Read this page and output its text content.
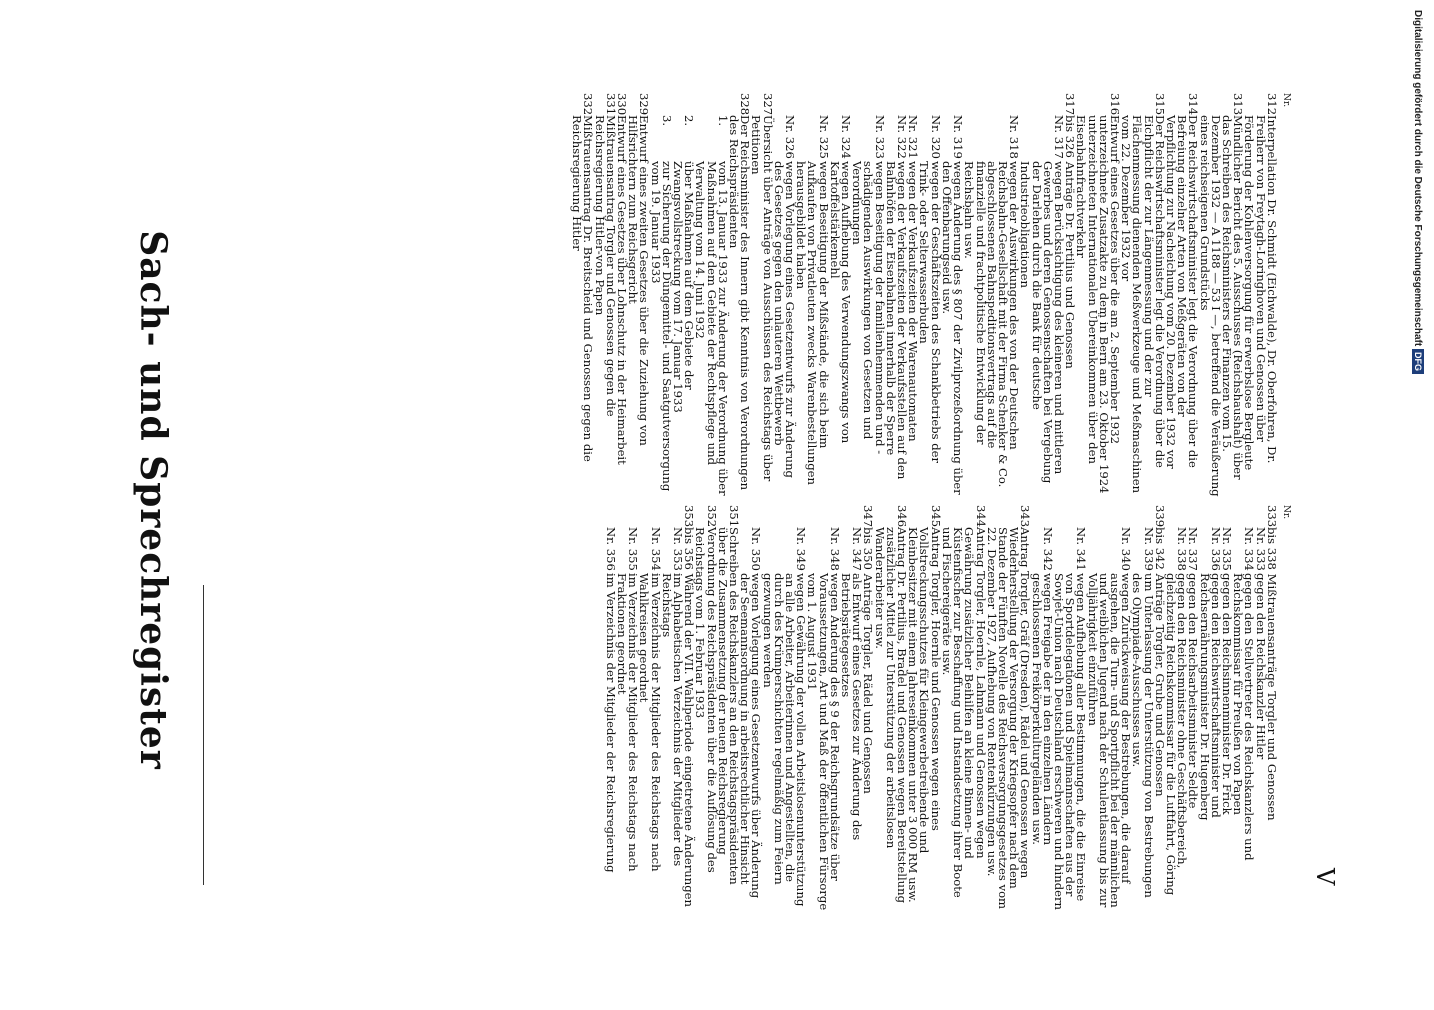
V
Nr.
312
Interpellation Dr. Schmidt (Eichwalde), Dr. Oberfohren, Dr. Freiherr von Freytagh-Loringhoven und Genossen über Förderung der Kohlenversorgung für erwerbslose Bergleute
313
Mündlicher Bericht des 5. Ausschusses (Reichshaushalt) über das Schreiben des Reichsministers der Finanzen vom 15. Dezember 1932 — A 1188 — 53 I —, betreffend die Veräußerung eines reichseigenen Grundstücks
314
Der Reichswirtschaftsminister legt die Verordnung über die Befreiung einzelner Arten von Meßgeräten von der Verpflichtung zur Nacheichung vom 20. Dezember 1932 vor
315
Der Reichswirtschaftsminister legt die Verordnung über die Eichpflicht der zur Längenmessung und der zur Flächenmessung dienenden Meßwerkzeuge und Meßmaschinen vom 22. Dezember 1932 vor
316
Entwurf eines Gesetzes über die am 2. September 1932 unterzeichnete Zusatzakte zu dem in Bern am 23. Oktober 1924 unterzeichneten Internationalen Übereinkommen über den Eisenbahnfrachtverkehr
317
bis 326 Anträge Dr. Pertilius und Genossen
Nr. 317
wegen Berücksichtigung des kleineren und mittleren Gewerbes und deren Genossenschaften bei Vergebung der Darlehen durch die Bank für deutsche Industrieobligationen
Nr. 318
wegen der Auswirkungen des von der Deutschen Reichsbahn-Gesellschaft mit der Firma Schenker & Co. abgeschlossenen Bahnspeditionsvertrags auf die finanzielle und frachtpolitische Entwicklung der Reichsbahn usw.
Nr. 319
wegen Änderung des § 807 der Zivilprozeßordnung über den Offenbarungseid usw.
Nr. 320
wegen der Geschäftszeiten des Schankbetriebs der Trink- oder Selterwasserbuden
Nr. 321
wegen der Verkaufszeiten der Warenautomaten
Nr. 322
wegen der Verkaufszeiten der Verkaufsstellen auf den Bahnhöfen der Eisenbahnen innerhalb der Sperre
Nr. 323
wegen Beseitigung der familienhemmenden und -schädigenden Auswirkungen von Gesetzen und Verordnungen
Nr. 324
wegen Aufhebung des Verwendungszwangs von Kartoffelstärkemehl
Nr. 325
wegen Beseitigung der Mißstände, die sich beim Aufkaufen von Privatleuten zwecks Warenbestellungen herausgebildet haben
Nr. 326
wegen Vorlegung eines Gesetzentwurfs zur Änderung des Gesetzes gegen den unlauteren Wettbewerb
327
Übersicht über Anträge von Ausschüssen des Reichstags über Petitionen
328
Der Reichsminister des Innern gibt Kenntnis von Verordnungen des Reichspräsidenten
1.
vom 13. Januar 1933 zur Änderung der Verordnung über Maßnahmen auf dem Gebiete der Rechtspflege und Verwaltung vom 14. Juni 1932
2.
über Maßnahmen auf dem Gebiete der Zwangsvollstreckung vom 17. Januar 1933
3.
zur Sicherung der Düngemittel- und Saatgutversorgung vom 19. Januar 1933
329
Entwurf eines zweiten Gesetzes über die Zuziehung von Hilfsrichtern zum Reichsgericht
330
Entwurf eines Gesetzes über Lohnschutz in der Heimarbeit
331
Mißtrauensantrag Torgler und Genossen gegen die Reichsregierung Hitler-von Papen
332
Mißtrauensantrag Dr. Breitscheid und Genossen gegen die Reichsregierung Hitler
Nr.
333
bis 338 Mißtrauensanträge Torgler und Genossen
Nr. 333
gegen den Reichskanzler Hitler
Nr. 334
gegen den Stellvertreter des Reichskanzlers und Reichskommissar für Preußen von Papen
Nr. 335
gegen den Reichsinnenminister Dr. Frick
Nr. 336
gegen den Reichswirtschaftsminister und Reichsernährungsminister Dr. Hugenberg
Nr. 337
gegen den Reichsarbeitsminister Seldte
Nr. 338
gegen den Reichsminister ohne Geschäftsbereich, gleichzeitig Reichskommissar für die Luftfahrt, Göring
339
bis 342 Anträge Torgler, Grube und Genossen
Nr. 339
um Unterlassung der Unterstützung von Bestrebungen des Olympiade-Ausschusses usw.
Nr. 340
wegen Zurückweisung der Bestrebungen, die darauf ausgehen, die Turn- und Sportpflicht bei der männlichen und weiblichen Jugend nach der Schulentlassung bis zur Volljährigkeit einzuführen
Nr. 341
wegen Aufhebung aller Bestimmungen, die die Einreise von Sportdelegationen und Spielmannschaften aus der Sowjet-Union nach Deutschland erschweren und hindern
Nr. 342
wegen Freigabe der in den einzelnen Ländern geschlossenen Freikörperkulturgeländen usw.
343
Antrag Torgler, Gräf (Dresden), Rädel und Genossen wegen Wiederherstellung der Versorgung der Kriegsopfer nach dem Stande der Fünften Novelle des Reichsversorgungsgesetzes vom 22. Dezember 1927, Aufhebung von Rentenkürzungen usw.
344
Antrag Torgler, Hoernle, Lahmann und Genossen wegen Gewährung zusätzlicher Beihilfen an kleine Binnen- und Küstenfischer zur Beschaffung und Instandsetzung ihrer Boote und Fischereigeräte usw.
345
Antrag Torgler, Hoernle und Genossen wegen eines Vollstreckungsschutzes für Kleingewerbetreibende und Kleinbesitzer mit einem Jahreseinkommen unter 3 000 RM usw.
346
Antrag Dr. Pertilius, Bradel und Genossen wegen Bereitstellung zusätzlicher Mittel zur Unterstützung der arbeitslosen Wanderarbeiter usw.
347
bis 350 Anträge Torgler, Rädel und Genossen
Nr. 347
als Entwurf eines Gesetzes zur Änderung des Betriebsrätegesetzes
Nr. 348
wegen Änderung des § 9 der Reichsgrundsätze über Voraussetzungen, Art und Maß der öffentlichen Fürsorge vom 1. August 1931
Nr. 349
wegen Gewährung der vollen Arbeitslosenunterstützung an alle Arbeiter, Arbeiterinnen und Angestellten, die durch des Krümperschichten regelmäßig zum Feiern gezwungen werden
Nr. 350
wegen Vorlegung eines Gesetzentwurfs über Änderung der Seemannsordnung in arbeitsrechtlicher Hinsicht
351
Schreiben des Reichskanzlers an den Reichstagspräsidenten über die Zusammensetzung der neuen Reichsregierung
352
Verordnung des Reichspräsidenten über die Auflösung des Reichstags vom 1. Februar 1933
353
bis 356 Während der VII. Wahlperiode eingetretene Änderungen
Nr. 353
im Alphabetischen Verzeichnis der Mitglieder des Reichstags
Nr. 354
im Verzeichnis der Mitglieder des Reichstags nach Wahlkreisen geordnet
Nr. 355
im Verzeichnis der Mitglieder des Reichstags nach Fraktionen geordnet
Nr. 356
im Verzeichnis der Mitglieder der Reichsregierung
Sach- und Sprechregister
Digitalisierung gefördert durch die Deutsche Forschungsgemeinschaft DFG
